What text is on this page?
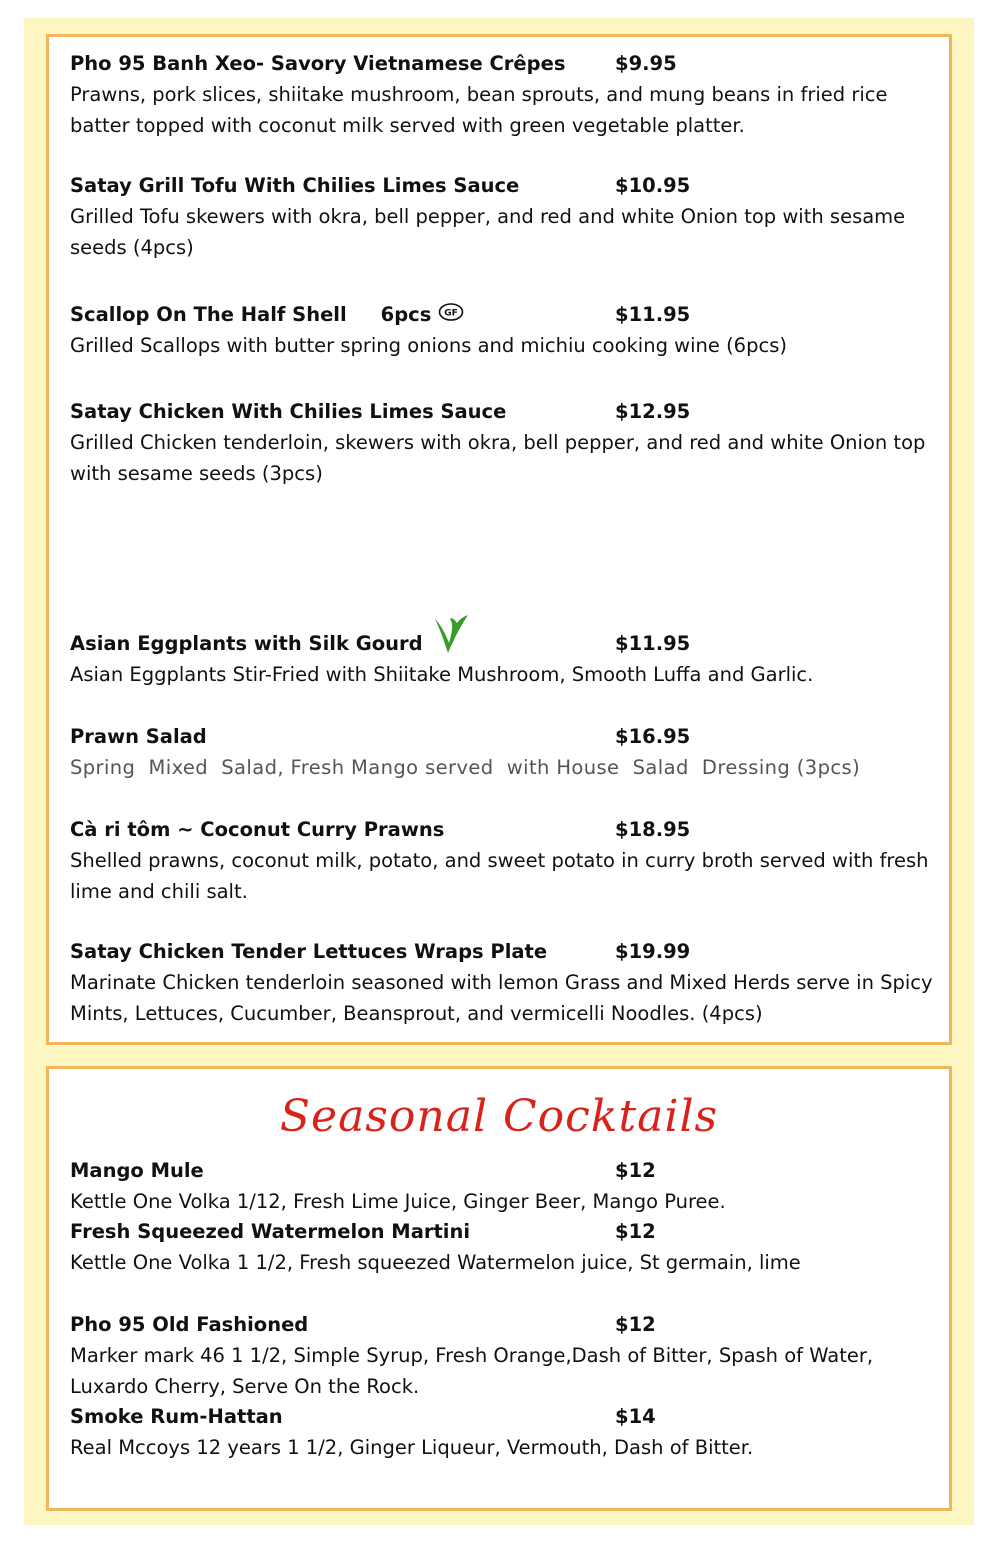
Pho 95 Banh Xeo- Savory Vietnamese Crêpes	$9.95
Prawns, pork slices, shiitake mushroom, bean sprouts, and mung beans in fried rice batter topped with coconut milk served with green vegetable platter.
Satay Grill Tofu With Chilies Limes Sauce	$10.95
Grilled Tofu skewers with okra, bell pepper, and red and white Onion top with sesame seeds (4pcs)
Scallop On The Half Shell     6pcs GF	$11.95
Grilled Scallops with butter spring onions and michiu cooking wine (6pcs)
Satay Chicken With Chilies Limes Sauce	$12.95
Grilled Chicken tenderloin, skewers with okra, bell pepper, and red and white Onion top with sesame seeds (3pcs)
Asian Eggplants with Silk Gourd	$11.95
Asian Eggplants Stir-Fried with Shiitake Mushroom, Smooth Luffa and Garlic.
Prawn Salad	$16.95
Spring  Mixed  Salad, Fresh Mango served  with House  Salad  Dressing (3pcs)
Cà ri tôm ~ Coconut Curry Prawns	$18.95
Shelled prawns, coconut milk, potato, and sweet potato in curry broth served with fresh lime and chili salt.
Satay Chicken Tender Lettuces Wraps Plate	$19.99
Marinate Chicken tenderloin seasoned with lemon Grass and Mixed Herds serve in Spicy Mints, Lettuces, Cucumber, Beansprout, and vermicelli Noodles. (4pcs)
Seasonal Cocktails
Mango Mule	$12
Kettle One Volka 1/12, Fresh Lime Juice, Ginger Beer, Mango Puree.
Fresh Squeezed Watermelon Martini	$12
Kettle One Volka 1 1/2, Fresh squeezed Watermelon juice, St germain, lime
Pho 95 Old Fashioned	$12
Marker mark 46 1 1/2, Simple Syrup, Fresh Orange,Dash of Bitter, Spash of Water, Luxardo Cherry, Serve On the Rock.
Smoke Rum-Hattan	$14
Real Mccoys 12 years 1 1/2, Ginger Liqueur, Vermouth, Dash of Bitter.
